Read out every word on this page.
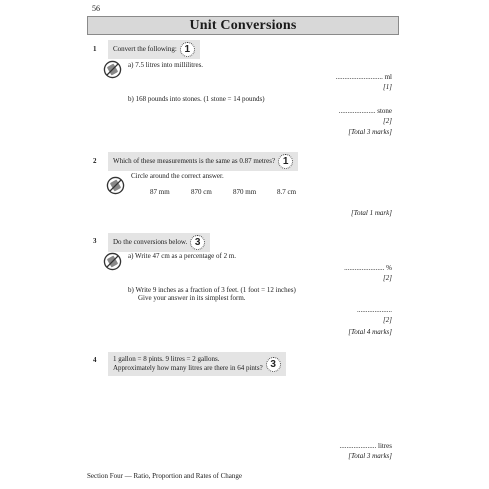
56
Unit Conversions
1 Convert the following: 1
a) 7.5 litres into millilitres.
........................... ml
[1]
b) 168 pounds into stones. (1 stone = 14 pounds)
..................... stone
[2]
[Total 3 marks]
2 Which of these measurements is the same as 0.87 metres? 1
Circle around the correct answer.
87 mm	870 cm	870 mm	8.7 cm
[Total 1 mark]
3 Do the conversions below. 3
a) Write 47 cm as a percentage of 2 m.
....................... %
[2]
b) Write 9 inches as a fraction of 3 feet. (1 foot = 12 inches)
Give your answer in its simplest form.
....................
[2]
[Total 4 marks]
4 1 gallon = 8 pints. 9 litres = 2 gallons.
Approximately how many litres are there in 64 pints? 3
..................... litres
[Total 3 marks]
Section Four — Ratio, Proportion and Rates of Change
